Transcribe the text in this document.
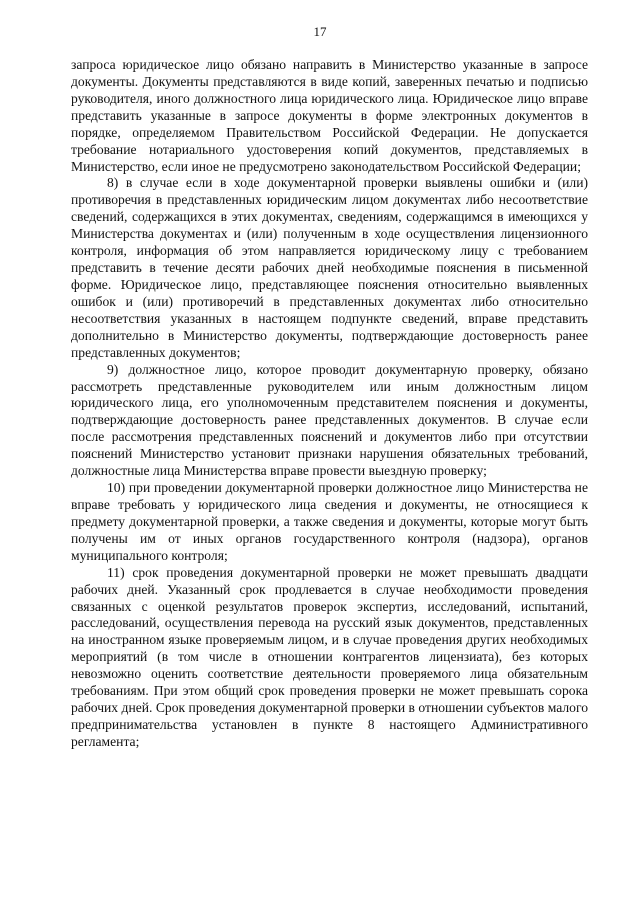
17

запроса юридическое лицо обязано направить в Министерство указанные в запросе документы. Документы представляются в виде копий, заверенных печатью и подписью руководителя, иного должностного лица юридического лица. Юридическое лицо вправе представить указанные в запросе документы в форме электронных документов в порядке, определяемом Правительством Российской Федерации. Не допускается требование нотариального удостоверения копий документов, представляемых в Министерство, если иное не предусмотрено законодательством Российской Федерации;

8) в случае если в ходе документарной проверки выявлены ошибки и (или) противоречия в представленных юридическим лицом документах либо несоответствие сведений, содержащихся в этих документах, сведениям, содержащимся в имеющихся у Министерства документах и (или) полученным в ходе осуществления лицензионного контроля, информация об этом направляется юридическому лицу с требованием представить в течение десяти рабочих дней необходимые пояснения в письменной форме. Юридическое лицо, представляющее пояснения относительно выявленных ошибок и (или) противоречий в представленных документах либо относительно несоответствия указанных в настоящем подпункте сведений, вправе представить дополнительно в Министерство документы, подтверждающие достоверность ранее представленных документов;

9) должностное лицо, которое проводит документарную проверку, обязано рассмотреть представленные руководителем или иным должностным лицом юридического лица, его уполномоченным представителем пояснения и документы, подтверждающие достоверность ранее представленных документов. В случае если после рассмотрения представленных пояснений и документов либо при отсутствии пояснений Министерство установит признаки нарушения обязательных требований, должностные лица Министерства вправе провести выездную проверку;

10) при проведении документарной проверки должностное лицо Министерства не вправе требовать у юридического лица сведения и документы, не относящиеся к предмету документарной проверки, а также сведения и документы, которые могут быть получены им от иных органов государственного контроля (надзора), органов муниципального контроля;

11) срок проведения документарной проверки не может превышать двадцати рабочих дней. Указанный срок продлевается в случае необходимости проведения связанных с оценкой результатов проверок экспертиз, исследований, испытаний, расследований, осуществления перевода на русский язык документов, представленных на иностранном языке проверяемым лицом, и в случае проведения других необходимых мероприятий (в том числе в отношении контрагентов лицензиата), без которых невозможно оценить соответствие деятельности проверяемого лица обязательным требованиям. При этом общий срок проведения проверки не может превышать сорока рабочих дней. Срок проведения документарной проверки в отношении субъектов малого предпринимательства установлен в пункте 8 настоящего Административного регламента;
